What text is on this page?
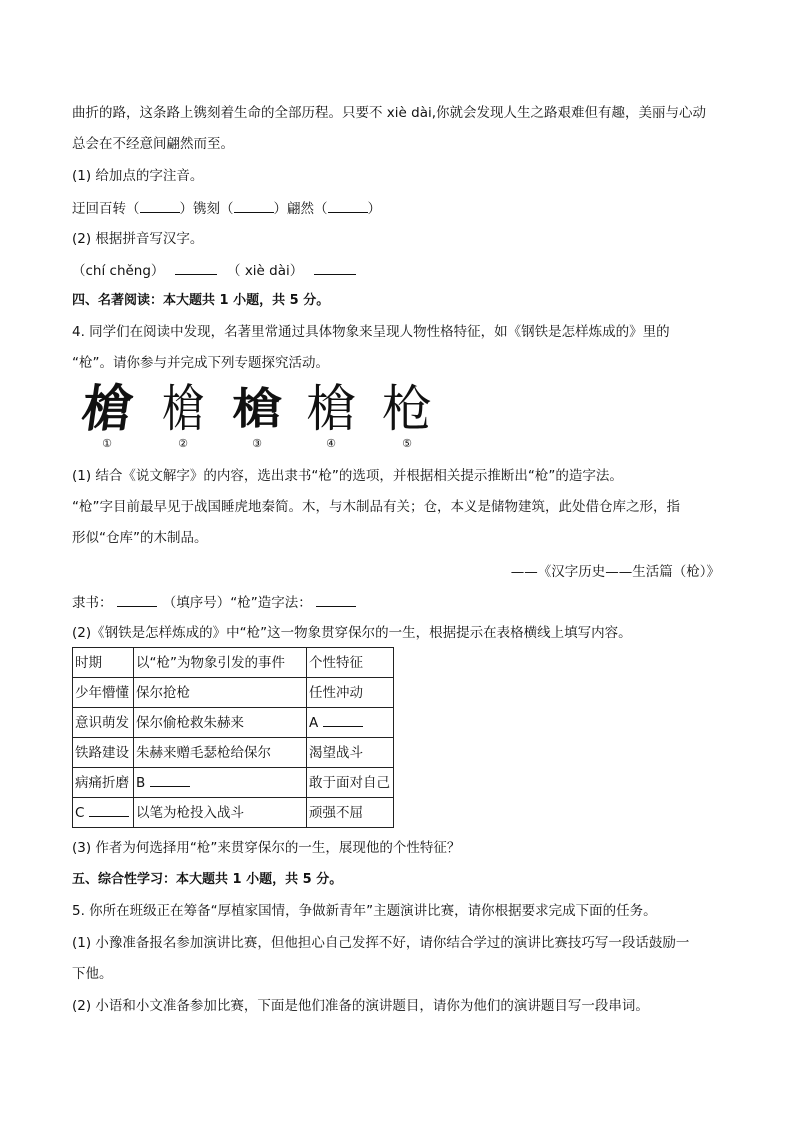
曲折的路，这条路上镌刻着生命的全部历程。只要不 xiè dài,你就会发现人生之路艰难但有趣，美丽与心动
总会在不经意间翩然而至。
(1) 给加点的字注音。
迂回百转（	）镌刻（	）翩然（	）
(2) 根据拼音写汉字。
（chí chěng）	（ xiè dài）
四、名著阅读：本大题共 1 小题，共 5 分。
4. 同学们在阅读中发现，名著里常通过具体物象来呈现人物性格特征，如《钢铁是怎样炼成的》里的
“枪”。请你参与并完成下列专题探究活动。
槍
①
槍
②
槍
③
槍
④
枪
⑤
(1) 结合《说文解字》的内容，选出隶书“枪”的选项，并根据相关提示推断出“枪”的造字法。
“枪”字目前最早见于战国睡虎地秦简。木，与木制品有关；仓，本义是储物建筑，此处借仓库之形，指
形似“仓库”的木制品。
——《汉字历史——生活篇（枪）》
隶书：	（填序号）“枪”造字法：
(2)《钢铁是怎样炼成的》中“枪”这一物象贯穿保尔的一生，根据提示在表格横线上填写内容。
时期	以“枪”为物象引发的事件	个性特征
少年懵懂	保尔抢枪	任性冲动
意识萌发	保尔偷枪救朱赫来	A
铁路建设	朱赫来赠毛瑟枪给保尔	渴望战斗
病痛折磨	B	敢于面对自己
C	以笔为枪投入战斗	顽强不屈
(3) 作者为何选择用“枪”来贯穿保尔的一生，展现他的个性特征？
五、综合性学习：本大题共 1 小题，共 5 分。
5. 你所在班级正在筹备“厚植家国情，争做新青年”主题演讲比赛，请你根据要求完成下面的任务。
(1) 小豫准备报名参加演讲比赛，但他担心自己发挥不好，请你结合学过的演讲比赛技巧写一段话鼓励一
下他。
(2) 小语和小文准备参加比赛，下面是他们准备的演讲题目，请你为他们的演讲题目写一段串词。
